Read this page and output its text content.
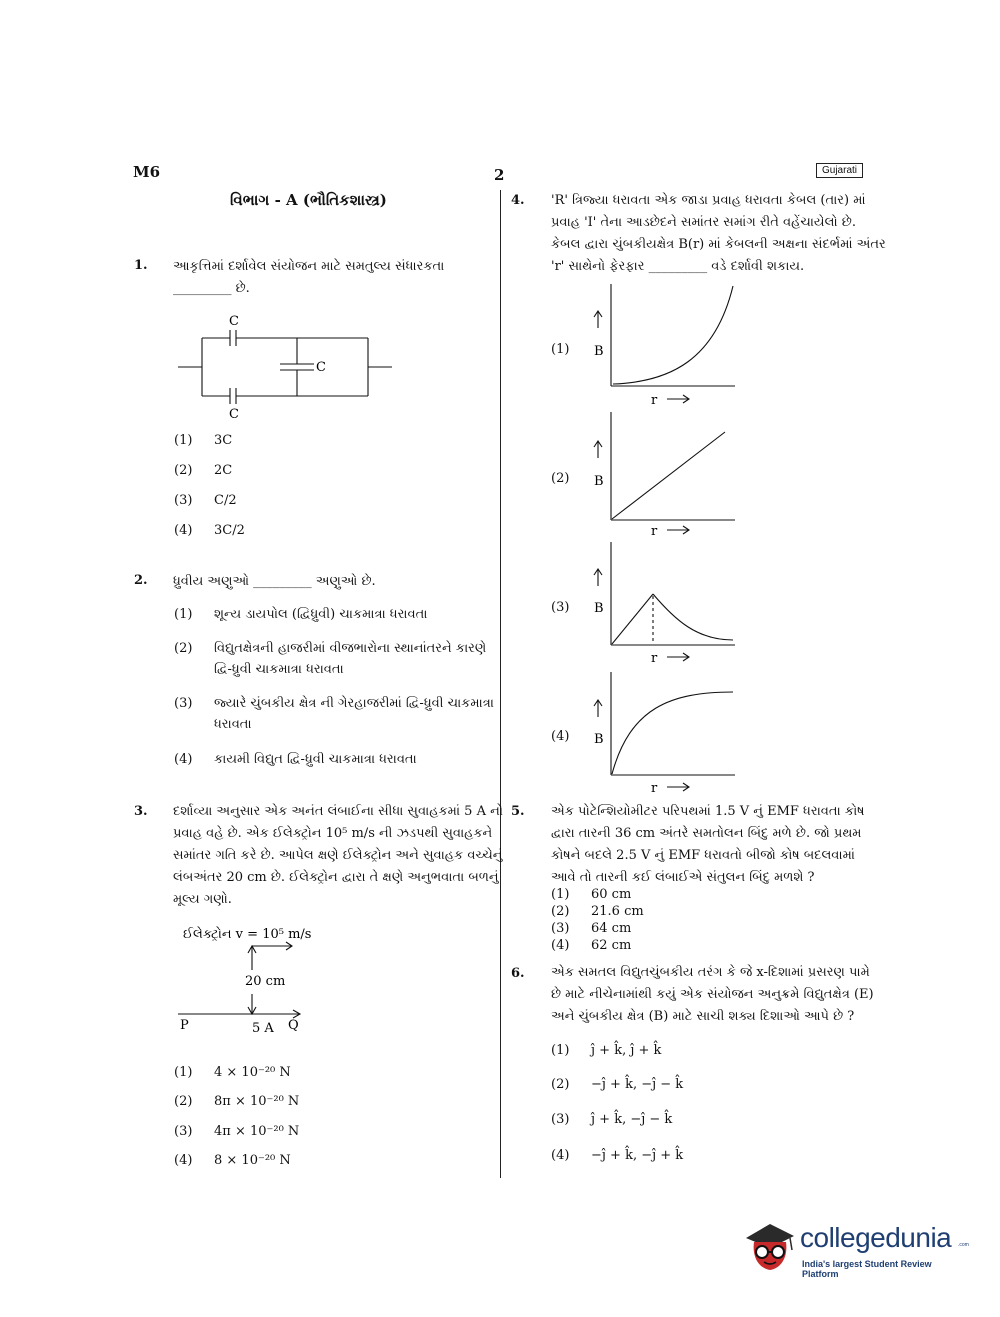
M6	2	Gujarati
વિભાગ - A (ભૌતિકશાસ્ત્ર)
1. આકૃત્તિમાં દર્શાવેલ સંયોજન માટે સમતુલ્ય સંધારકતા
_________ છે.
C
C
C
(1) 3C
(2) 2C
(3) C/2
(4) 3C/2
2. ધ્રુવીય અણુઓ _________ અણુઓ છે.
(1) શૂન્ય ડાયપોલ (દ્વિધ્રુવી) ચાકમાત્રા ધરાવતા
(2) વિદ્યુતક્ષેત્રની હાજરીમાં વીજભારોના સ્થાનાંતરને કારણે
દ્વિ-ધ્રુવી ચાકમાત્રા ધરાવતા
(3) જ્યારે ચુંબકીય ક્ષેત્ર ની ગેરહાજરીમાં દ્વિ-ધ્રુવી ચાકમાત્રા
ધરાવતા
(4) કાયમી વિદ્યુત દ્વિ-ધ્રુવી ચાકમાત્રા ધરાવતા
3. દર્શાવ્યા અનુસાર એક અનંત લંબાઈના સીધા સુવાહકમાં 5 A નો
પ્રવાહ વહે છે. એક ઈલેક્ટ્રોન 10⁵ m/s ની ઝડપથી સુવાહકને
સમાંતર ગતિ કરે છે. આપેલ ક્ષણે ઈલેક્ટ્રોન અને સુવાહક વચ્ચેનું
લંબઅંતર 20 cm છે. ઈલેક્ટ્રોન દ્વારા તે ક્ષણે અનુભવાતા બળનું
મૂલ્ય ગણો.
ઈલેક્ટ્રોન v = 10⁵ m/s
20 cm
P	5 A Q
(1) 4 × 10⁻²⁰ N
(2) 8π × 10⁻²⁰ N
(3) 4π × 10⁻²⁰ N
(4) 8 × 10⁻²⁰ N
4. 'R' ત્રિજ્યા ધરાવતા એક જાડા પ્રવાહ ધરાવતા કેબલ (તાર) માં
પ્રવાહ 'I' તેના આડછેદને સમાંતર સમાંગ રીતે વહેંચાયેલો છે.
કેબલ દ્વારા ચુંબકીયક્ષેત્ર B(r) માં કેબલની અક્ષના સંદર્ભમાં અંતર
'r' સાથેનો ફેરફાર _________ વડે દર્શાવી શકાય.
(1) B
r
(2) B
r
(3) B
r
(4) B
r
5. એક પોટેન્શિયોમીટર પરિપથમાં 1.5 V નું EMF ધરાવતા કોષ
દ્વારા તારની 36 cm અંતરે સમતોલન બિંદુ મળે છે. જો પ્રથમ
કોષને બદલે 2.5 V નું EMF ધરાવતો બીજો કોષ બદલવામાં
આવે તો તારની કઈ લંબાઈએ સંતુલન બિંદુ મળશે ?
(1) 60 cm
(2) 21.6 cm
(3) 64 cm
(4) 62 cm
6. એક સમતલ વિદ્યુતચુંબકીય તરંગ કે જે x-દિશામાં પ્રસરણ પામે
છે માટે નીચેનામાંથી કયું એક સંયોજન અનુક્રમે વિદ્યુતક્ષેત્ર (E)
અને ચુંબકીય ક્ષેત્ર (B) માટે સાચી શક્ય દિશાઓ આપે છે ?
(1) ĵ + k̂, ĵ + k̂
(2) −ĵ + k̂, −ĵ − k̂
(3) ĵ + k̂, −ĵ − k̂
(4) −ĵ + k̂, −ĵ + k̂
collegedunia .com
India's largest Student Review Platform
